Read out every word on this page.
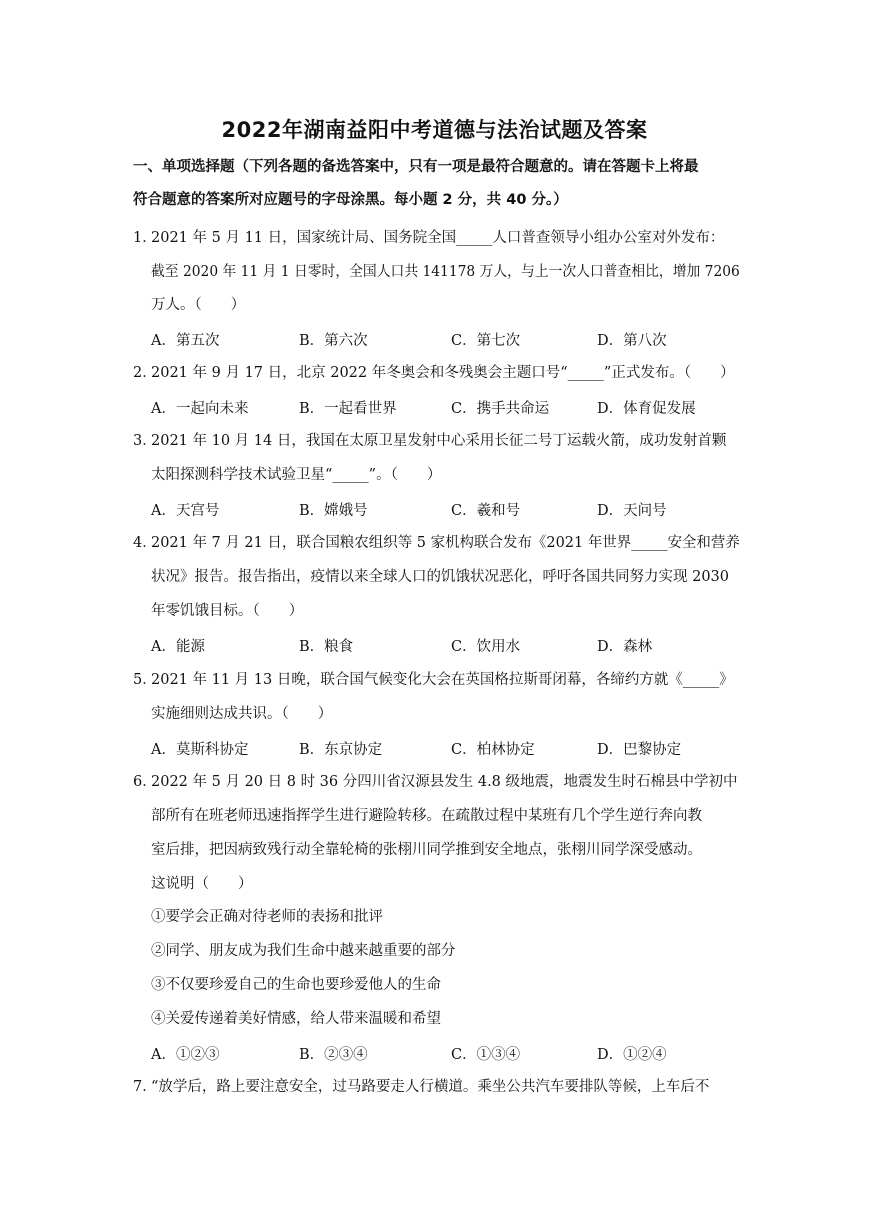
2022年湖南益阳中考道德与法治试题及答案
一、单项选择题（下列各题的备选答案中，只有一项是最符合题意的。请在答题卡上将最
符合题意的答案所对应题号的字母涂黑。每小题 2 分，共 40 分。）
1．
2021 年 5 月 11 日，国家统计局、国务院全国_____人口普查领导小组办公室对外发布：
截至 2020 年 11 月 1 日零时，全国人口共 141178 万人，与上一次人口普查相比，增加 7206
万人。（　　）
A．第五次	B．第六次	C．第七次	D．第八次
2．
2021 年 9 月 17 日，北京 2022 年冬奥会和冬残奥会主题口号“_____”正式发布。（　　）
A．一起向未来	B．一起看世界	C．携手共命运	D．体育促发展
3．
2021 年 10 月 14 日，我国在太原卫星发射中心采用长征二号丁运载火箭，成功发射首颗
太阳探测科学技术试验卫星“_____”。（　　）
A．天宫号	B．嫦娥号	C．羲和号	D．天问号
4．
2021 年 7 月 21 日，联合国粮农组织等 5 家机构联合发布《2021 年世界_____安全和营养
状况》报告。报告指出，疫情以来全球人口的饥饿状况恶化，呼吁各国共同努力实现 2030
年零饥饿目标。（　　）
A．能源	B．粮食	C．饮用水	D．森林
5．
2021 年 11 月 13 日晚，联合国气候变化大会在英国格拉斯哥闭幕，各缔约方就《_____》
实施细则达成共识。（　　）
A．莫斯科协定	B．东京协定	C．柏林协定	D．巴黎协定
6．
2022 年 5 月 20 日 8 时 36 分四川省汉源县发生 4.8 级地震，地震发生时石棉县中学初中
部所有在班老师迅速指挥学生进行避险转移。在疏散过程中某班有几个学生逆行奔向教
室后排，把因病致残行动全靠轮椅的张栩川同学推到安全地点，张栩川同学深受感动。
这说明（　　）
①要学会正确对待老师的表扬和批评
②同学、朋友成为我们生命中越来越重要的部分
③不仅要珍爱自己的生命也要珍爱他人的生命
④关爱传递着美好情感，给人带来温暖和希望
A．①②③	B．②③④	C．①③④	D．①②④
7．
“放学后，路上要注意安全，过马路要走人行横道。乘坐公共汽车要排队等候，上车后不
